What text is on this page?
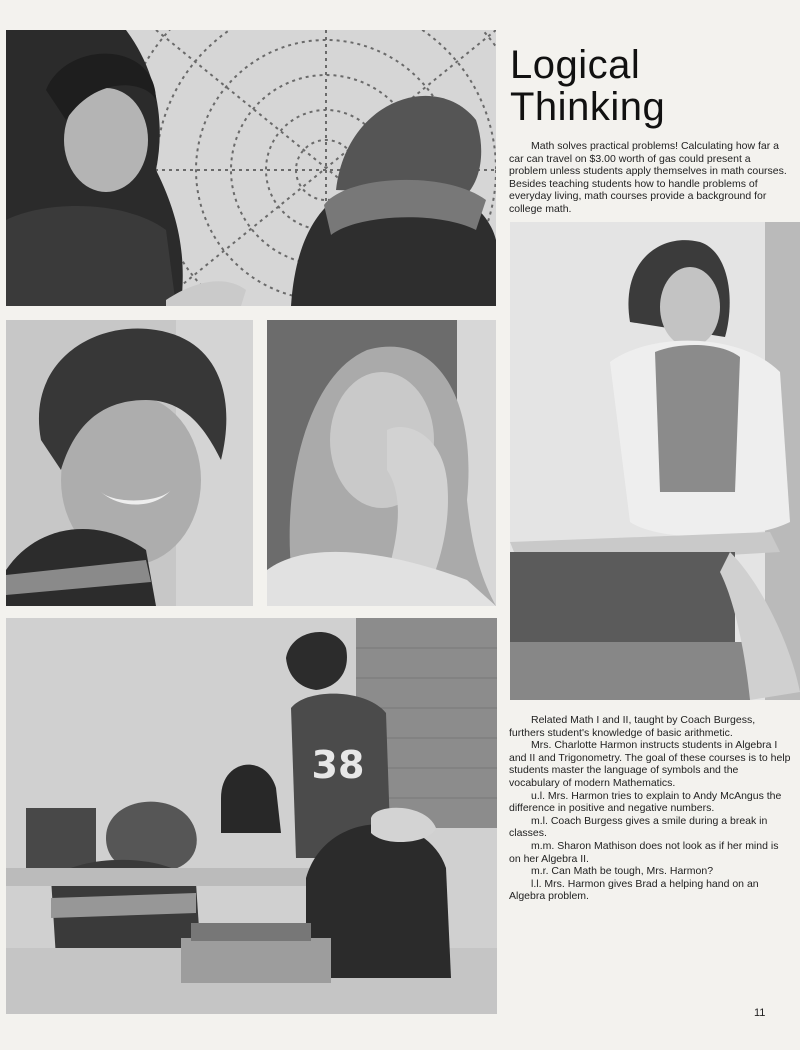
38
Logical
Thinking
Math solves practical problems! Calculating how far a car can travel on $3.00 worth of gas could present a problem unless students apply themselves in math courses. Besides teaching students how to handle problems of everyday living, math courses provide a background for college math.

Related Math I and II, taught by Coach Burgess, furthers student's knowledge of basic arithmetic.

Mrs. Charlotte Harmon instructs students in Algebra I and II and Trigonometry. The goal of these courses is to help students master the language of symbols and the vocabulary of modern Mathematics.

u.l. Mrs. Harmon tries to explain to Andy McAngus the difference in positive and negative numbers.

m.l. Coach Burgess gives a smile during a break in classes.

m.m. Sharon Mathison does not look as if her mind is on her Algebra II.

m.r. Can Math be tough, Mrs. Harmon?

l.l. Mrs. Harmon gives Brad a helping hand on an Algebra problem.

11
